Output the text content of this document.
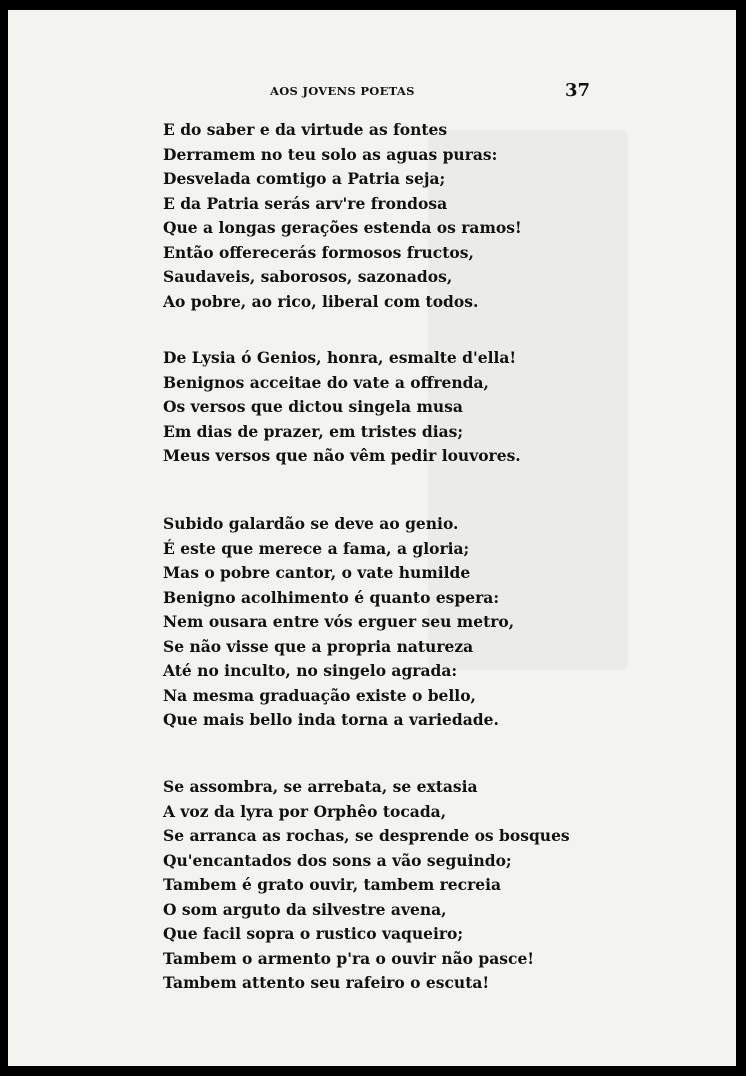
AOS JOVENS POETAS	37
E do saber e da virtude as fontes
Derramem no teu solo as aguas puras:
Desvelada comtigo a Patria seja;
E da Patria serás arv're frondosa
Que a longas gerações estenda os ramos!
Então offerecerás formosos fructos,
Saudaveis, saborosos, sazonados,
Ao pobre, ao rico, liberal com todos.
De Lysia ó Genios, honra, esmalte d'ella!
Benignos acceitae do vate a offrenda,
Os versos que dictou singela musa
Em dias de prazer, em tristes dias;
Meus versos que não vêm pedir louvores.
Subido galardão se deve ao genio.
É este que merece a fama, a gloria;
Mas o pobre cantor, o vate humilde
Benigno acolhimento é quanto espera:
Nem ousara entre vós erguer seu metro,
Se não visse que a propria natureza
Até no inculto, no singelo agrada:
Na mesma graduação existe o bello,
Que mais bello inda torna a variedade.
Se assombra, se arrebata, se extasia
A voz da lyra por Orphêo tocada,
Se arranca as rochas, se desprende os bosques
Qu'encantados dos sons a vão seguindo;
Tambem é grato ouvir, tambem recreia
O som arguto da silvestre avena,
Que facil sopra o rustico vaqueiro;
Tambem o armento p'ra o ouvir não pasce!
Tambem attento seu rafeiro o escuta!
